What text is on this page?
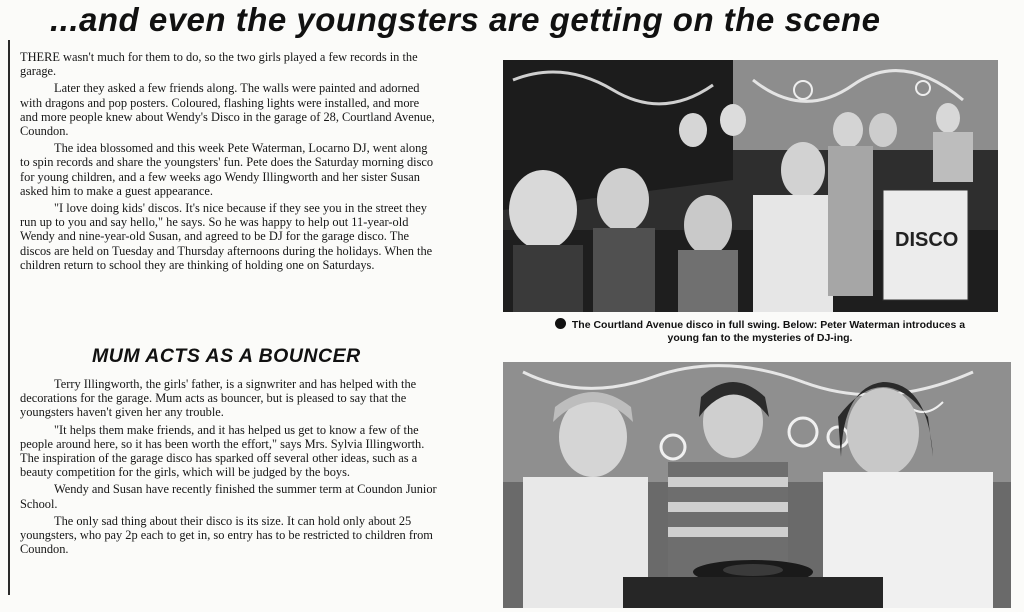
...and even the youngsters are getting on the scene

THERE wasn't much for them to do, so the two girls played a few records in the garage.

Later they asked a few friends along. The walls were painted and adorned with dragons and pop posters. Coloured, flashing lights were installed, and more and more people knew about Wendy's Disco in the garage of 28, Courtland Avenue, Coundon.

The idea blossomed and this week Pete Waterman, Locarno DJ, went along to spin records and share the youngsters' fun. Pete does the Saturday morning disco for young children, and a few weeks ago Wendy Illingworth and her sister Susan asked him to make a guest appearance.

"I love doing kids' discos. It's nice because if they see you in the street they run up to you and say hello," he says. So he was happy to help out 11-year-old Wendy and nine-year-old Susan, and agreed to be DJ for the garage disco. The discos are held on Tuesday and Thursday afternoons during the holidays. When the children return to school they are thinking of holding one on Saturdays.

MUM ACTS AS A BOUNCER

Terry Illingworth, the girls' father, is a signwriter and has helped with the decorations for the garage. Mum acts as bouncer, but is pleased to say that the youngsters haven't given her any trouble.

"It helps them make friends, and it has helped us get to know a few of the people around here, so it has been worth the effort," says Mrs. Sylvia Illingworth. The inspiration of the garage disco has sparked off several other ideas, such as a beauty competition for the girls, which will be judged by the boys.

Wendy and Susan have recently finished the summer term at Coundon Junior School.

The only sad thing about their disco is its size. It can hold only about 25 youngsters, who pay 2p each to get in, so entry has to be restricted to children from Coundon.

DISCO
The Courtland Avenue disco in full swing. Below: Peter Waterman introduces a young fan to the mysteries of DJ-ing.
